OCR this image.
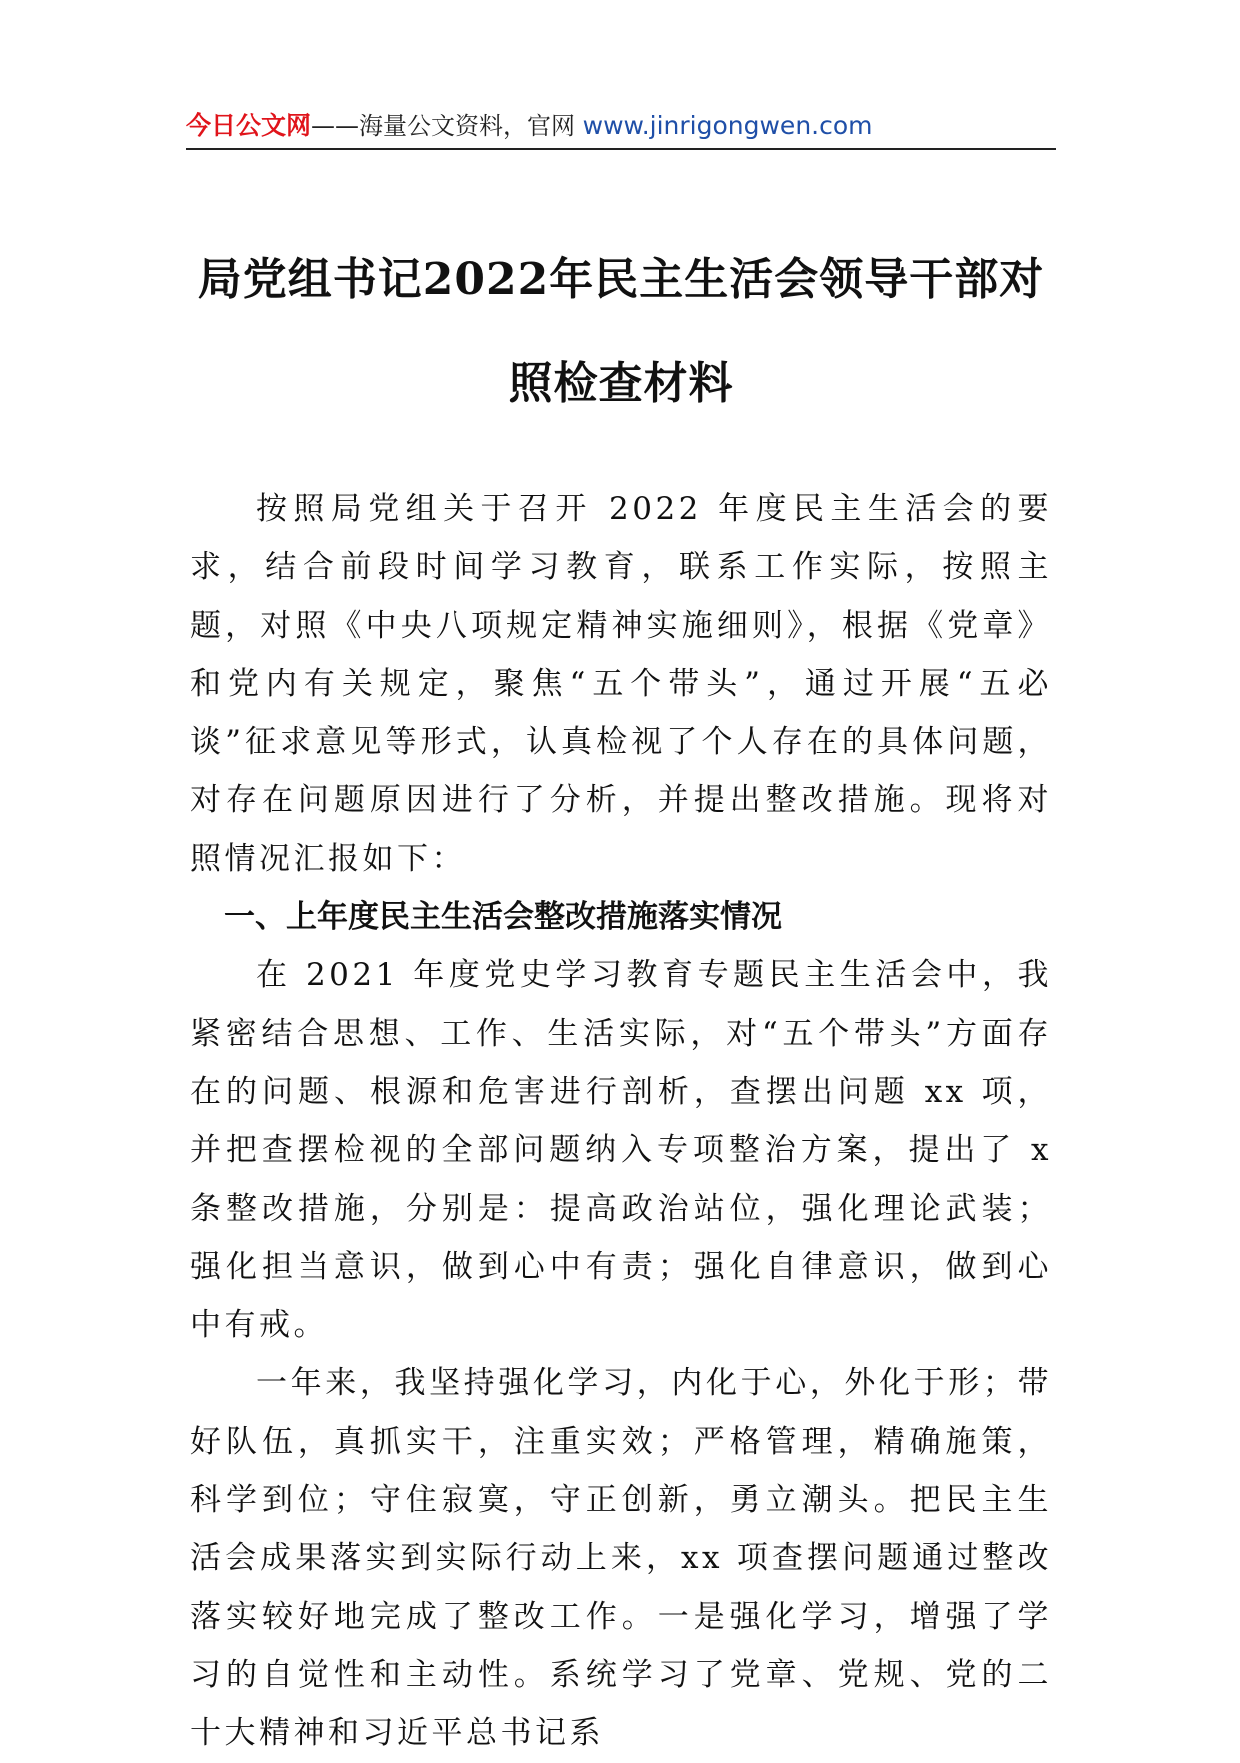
今日公文网——海量公文资料，官网 www.jinrigongwen.com
局党组书记2022年民主生活会领导干部对
照检查材料

按照局党组关于召开 2022 年度民主生活会的要求，结合前段时间学习教育，联系工作实际，按照主题，对照《中央八项规定精神实施细则》，根据《党章》和党内有关规定，聚焦“五个带头”，通过开展“五必谈”征求意见等形式，认真检视了个人存在的具体问题，对存在问题原因进行了分析，并提出整改措施。现将对照情况汇报如下：

一、上年度民主生活会整改措施落实情况

在 2021 年度党史学习教育专题民主生活会中，我紧密结合思想、工作、生活实际，对“五个带头”方面存在的问题、根源和危害进行剖析，查摆出问题 xx 项，并把查摆检视的全部问题纳入专项整治方案，提出了 x 条整改措施，分别是：提高政治站位，强化理论武装；强化担当意识，做到心中有责；强化自律意识，做到心中有戒。

一年来，我坚持强化学习，内化于心，外化于形；带好队伍，真抓实干，注重实效；严格管理，精确施策，科学到位；守住寂寞，守正创新，勇立潮头。把民主生活会成果落实到实际行动上来，xx 项查摆问题通过整改落实较好地完成了整改工作。一是强化学习，增强了学习的自觉性和主动性。系统学习了党章、党规、党的二十大精神和习近平总书记系
